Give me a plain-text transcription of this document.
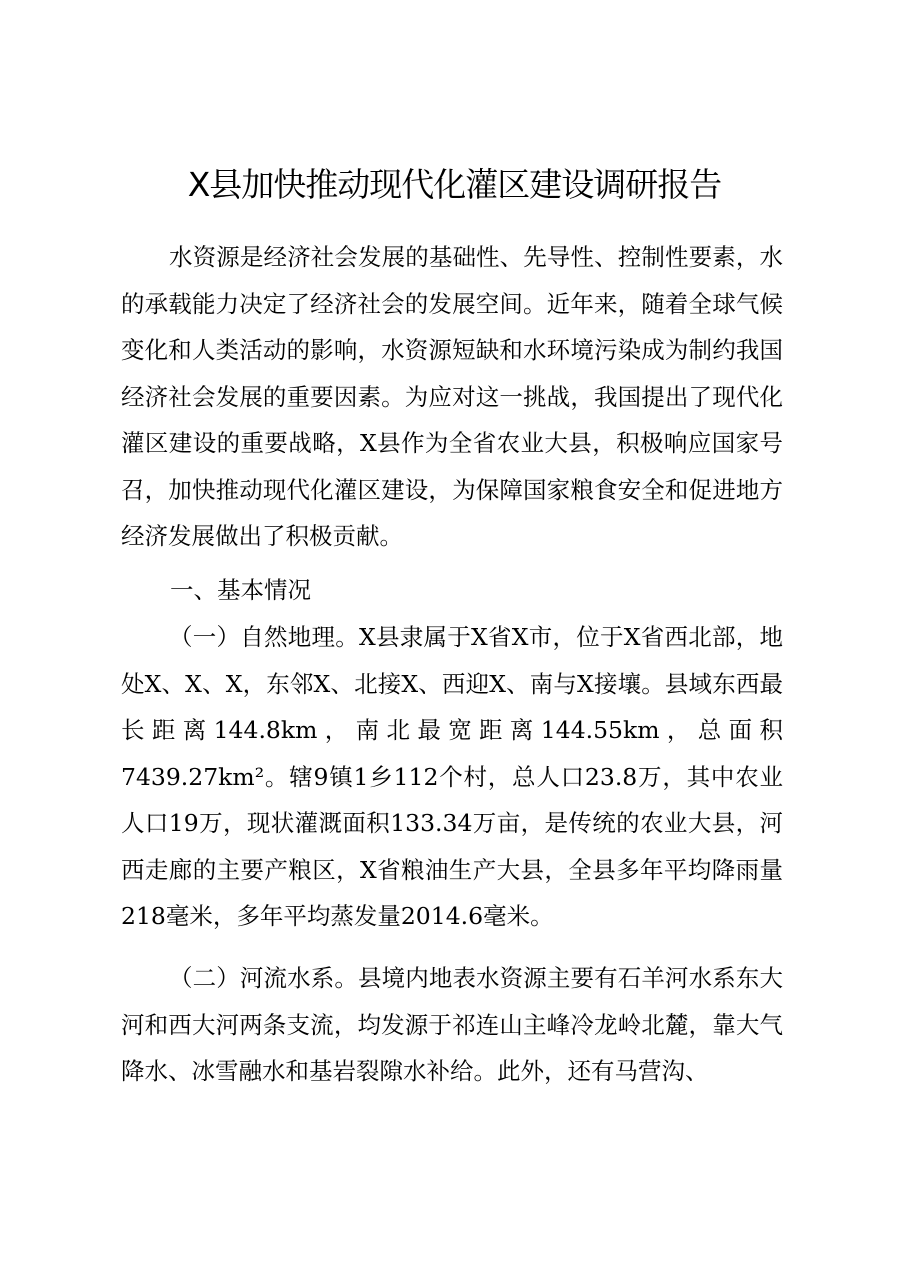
X县加快推动现代化灌区建设调研报告

水资源是经济社会发展的基础性、先导性、控制性要素，水的承载能力决定了经济社会的发展空间。近年来，随着全球气候变化和人类活动的影响，水资源短缺和水环境污染成为制约我国经济社会发展的重要因素。为应对这一挑战，我国提出了现代化灌区建设的重要战略，X县作为全省农业大县，积极响应国家号召，加快推动现代化灌区建设，为保障国家粮食安全和促进地方经济发展做出了积极贡献。

一、基本情况

（一）自然地理。X县隶属于X省X市，位于X省西北部，地处X、X、X，东邻X、北接X、西迎X、南与X接壤。县域东西最长距离144.8km，南北最宽距离144.55km，总面积7439.27km²。辖9镇1乡112个村，总人口23.8万，其中农业人口19万，现状灌溉面积133.34万亩，是传统的农业大县，河西走廊的主要产粮区，X省粮油生产大县，全县多年平均降雨量218毫米，多年平均蒸发量2014.6毫米。

（二）河流水系。县境内地表水资源主要有石羊河水系东大河和西大河两条支流，均发源于祁连山主峰冷龙岭北麓，靠大气降水、冰雪融水和基岩裂隙水补给。此外，还有马营沟、
